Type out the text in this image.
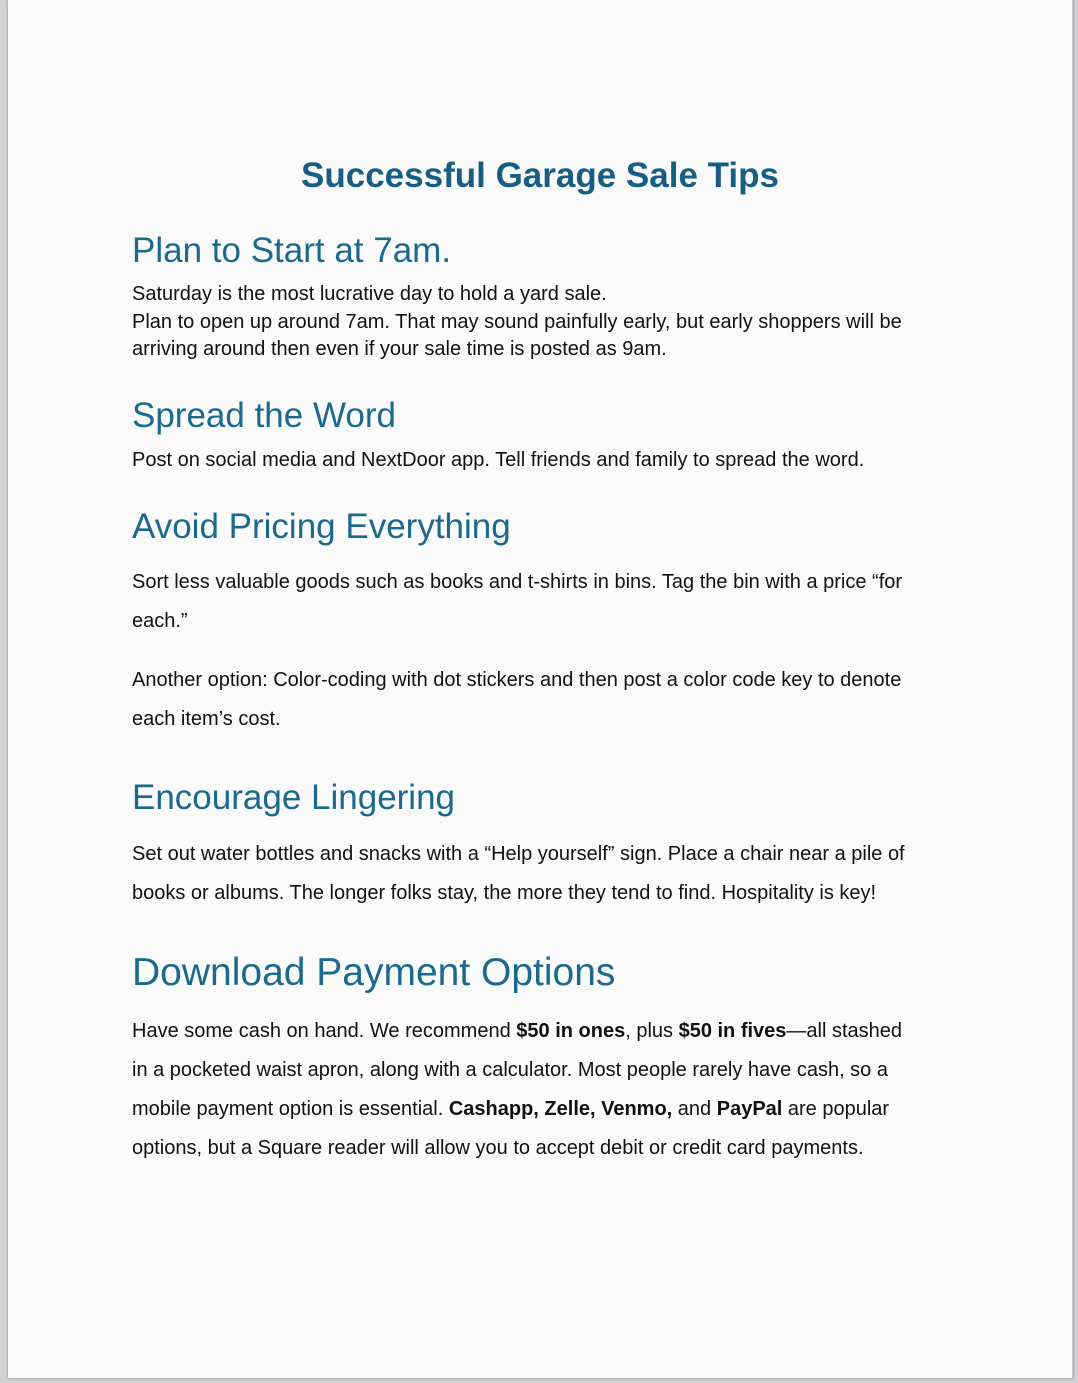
Successful Garage Sale Tips
Plan to Start at 7am.

Saturday is the most lucrative day to hold a yard sale.
Plan to open up around 7am. That may sound painfully early, but early shoppers will be
arriving around then even if your sale time is posted as 9am.

Spread the Word

Post on social media and NextDoor app. Tell friends and family to spread the word.

Avoid Pricing Everything

Sort less valuable goods such as books and t-shirts in bins. Tag the bin with a price “for
each.”

Another option: Color-coding with dot stickers and then post a color code key to denote
each item’s cost.

Encourage Lingering

Set out water bottles and snacks with a “Help yourself” sign. Place a chair near a pile of
books or albums. The longer folks stay, the more they tend to find. Hospitality is key!

Download Payment Options

Have some cash on hand. We recommend $50 in ones, plus $50 in fives—all stashed
in a pocketed waist apron, along with a calculator. Most people rarely have cash, so a
mobile payment option is essential. Cashapp, Zelle, Venmo, and PayPal are popular
options, but a Square reader will allow you to accept debit or credit card payments.
